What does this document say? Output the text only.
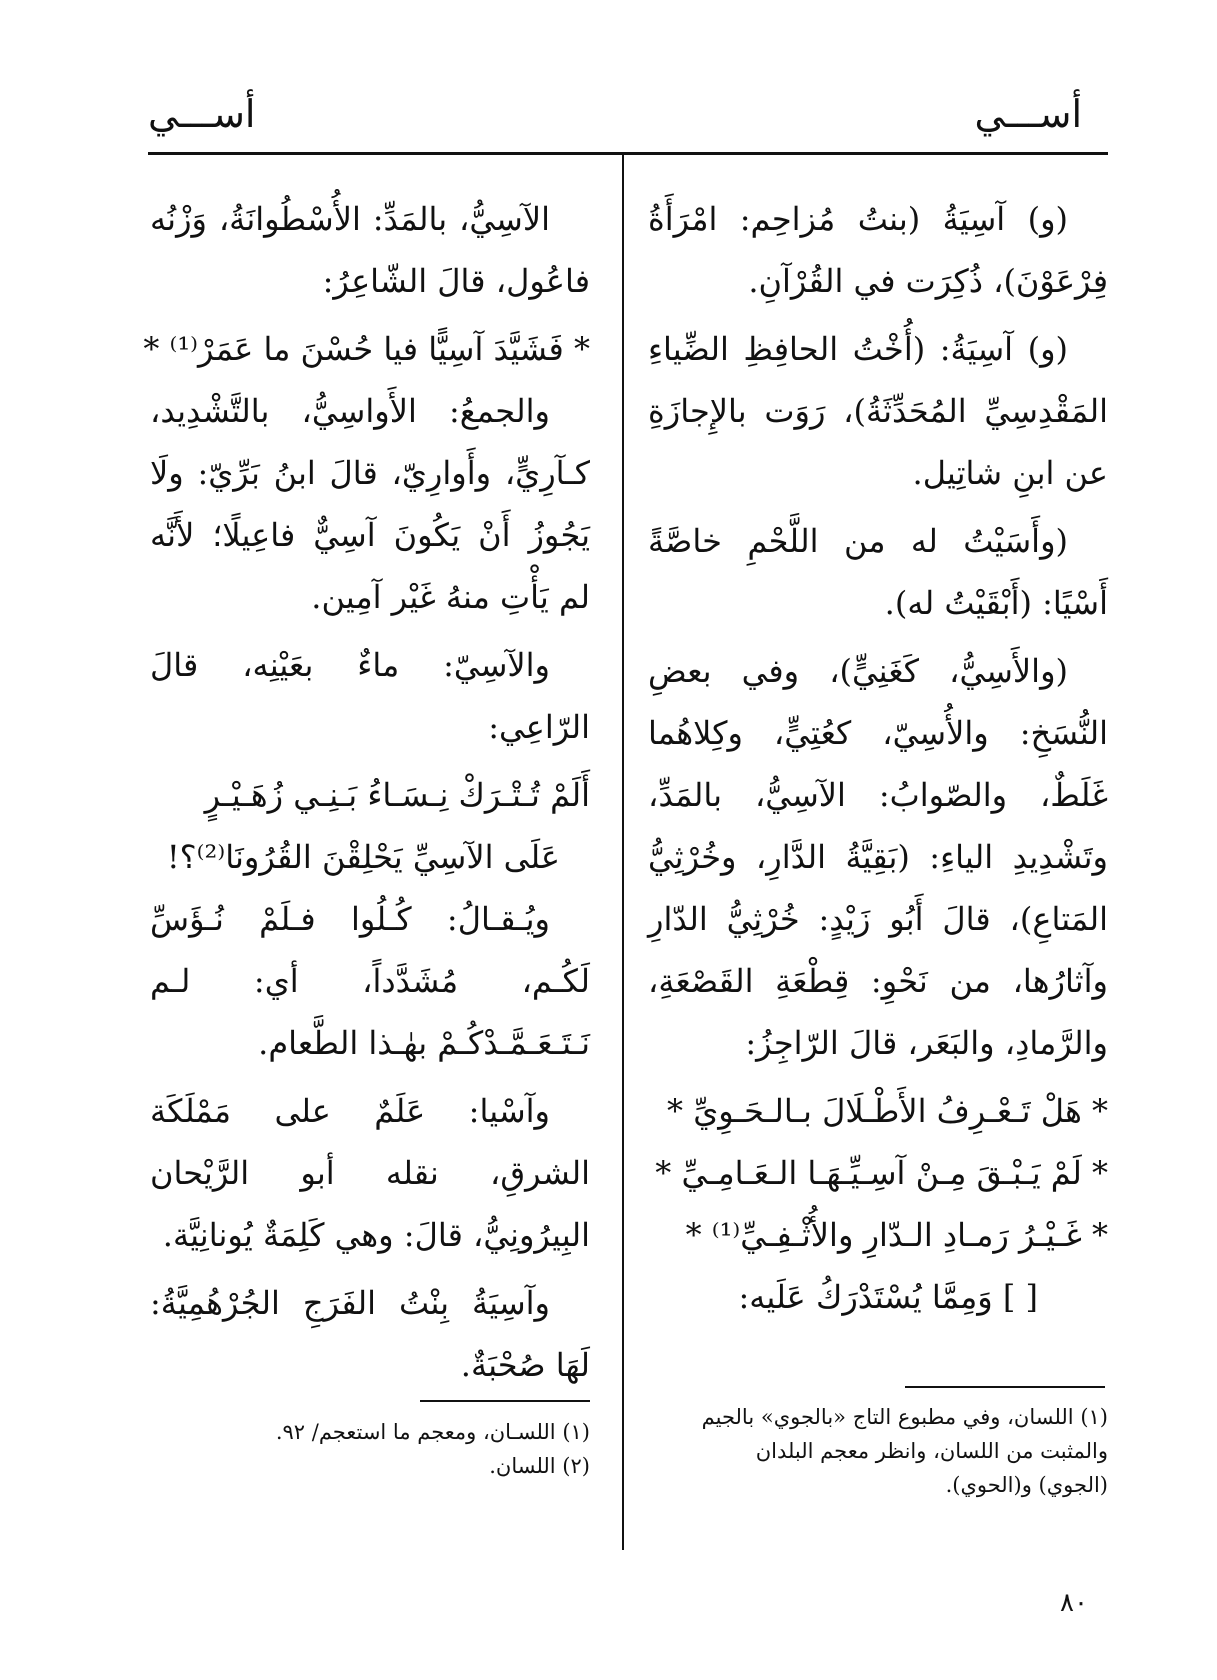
أســـي
أســـي

(و) آسِيَةُ (بنتُ مُزاحِم: امْرَأَةُ فِرْعَوْنَ)، ذُكِرَت في القُرْآنِ.

(و) آسِيَةُ: (أُخْتُ الحافِظِ الضِّياءِ المَقْدِسِيِّ المُحَدِّثَةُ)، رَوَت بالإِجازَةِ عن ابنِ شاتِيل.

(وأَسَيْتُ له من اللَّحْمِ خاصَّةً أَسْيًا: (أَبْقَيْتُ له).

(والأَسِيُّ، كَغَنِيٍّ)، وفي بعضِ النُّسَخِ: والأُسِيّ، كعُتِيٍّ، وكِلاهُما غَلَطٌ، والصّوابُ: الآسِيُّ، بالمَدِّ، وتَشْدِيدِ الياءِ: (بَقِيَّةُ الدَّارِ، وخُرْثِيُّ المَتاعِ)، قالَ أَبُو زَيْدٍ: خُرْثِيُّ الدّارِ وآثارُها، من نَحْوِ: قِطْعَةِ القَصْعَةِ، والرَّمادِ، والبَعَر، قالَ الرّاجِزُ:

* هَلْ تَـعْـرِفُ الأَطْـلَالَ بـالـحَـوِيِّ *

* لَمْ يَـبْـقَ مِـنْ آسِـيِّـهَـا الـعَـامِـيِّ *

* غَـيْـرُ رَمـادِ الـدّارِ والأُثْـفِـيِّ⁽¹⁾ *

[ ] وَمِمَّا يُسْتَدْرَكُ عَلَيه:

الآسِيُّ، بالمَدِّ: الأُسْطُوانَةُ، وَزْنُه فاعُول، قالَ الشّاعِرُ:

* فَشَيَّدَ آسِيًّا فيا حُسْنَ ما عَمَرْ⁽¹⁾ *

والجمعُ: الأَواسِيُّ، بالتَّشْدِيد، كـآرِيٍّ، وأَوارِيّ، قالَ ابنُ بَرِّيّ: ولَا يَجُوزُ أَنْ يَكُونَ آسِيٌّ فاعِيلًا؛ لأَنَّه لم يَأْتِ منهُ غَيْر آمِين.

والآسِيّ: ماءٌ بعَيْنِه، قالَ الرّاعِي:

أَلَمْ تُـتْـرَكْ نِـسَـاءُ بَـنِـي زُهَـيْـرٍ

عَلَى الآسِيِّ يَحْلِقْنَ القُرُونَا⁽²⁾؟!

ويُـقـالُ: كُـلُوا فـلَمْ نُـؤَسِّ لَكُـم، مُشَدَّداً، أي: لـم نَـتَـعَـمَّـدْكُـمْ بهٰـذا الطَّعام.

وآسْيا: عَلَمٌ على مَمْلَكَة الشرقِ، نقله أبو الرَّيْحان البِيرُونِيُّ، قالَ: وهي كَلِمَةٌ يُونانِيَّة.

وآسِيَةُ بِنْتُ الفَرَجِ الجُرْهُمِيَّةُ: لَهَا صُحْبَةٌ.

(١) اللسـان، ومعجم ما استعجم/ ٩٢.

(٢) اللسان.

(١) اللسان، وفي مطبوع التاج «بالجوي» بالجيم

والمثبت من اللسان، وانظر معجم البلدان

(الجوي) و(الحوي).

٨٠
